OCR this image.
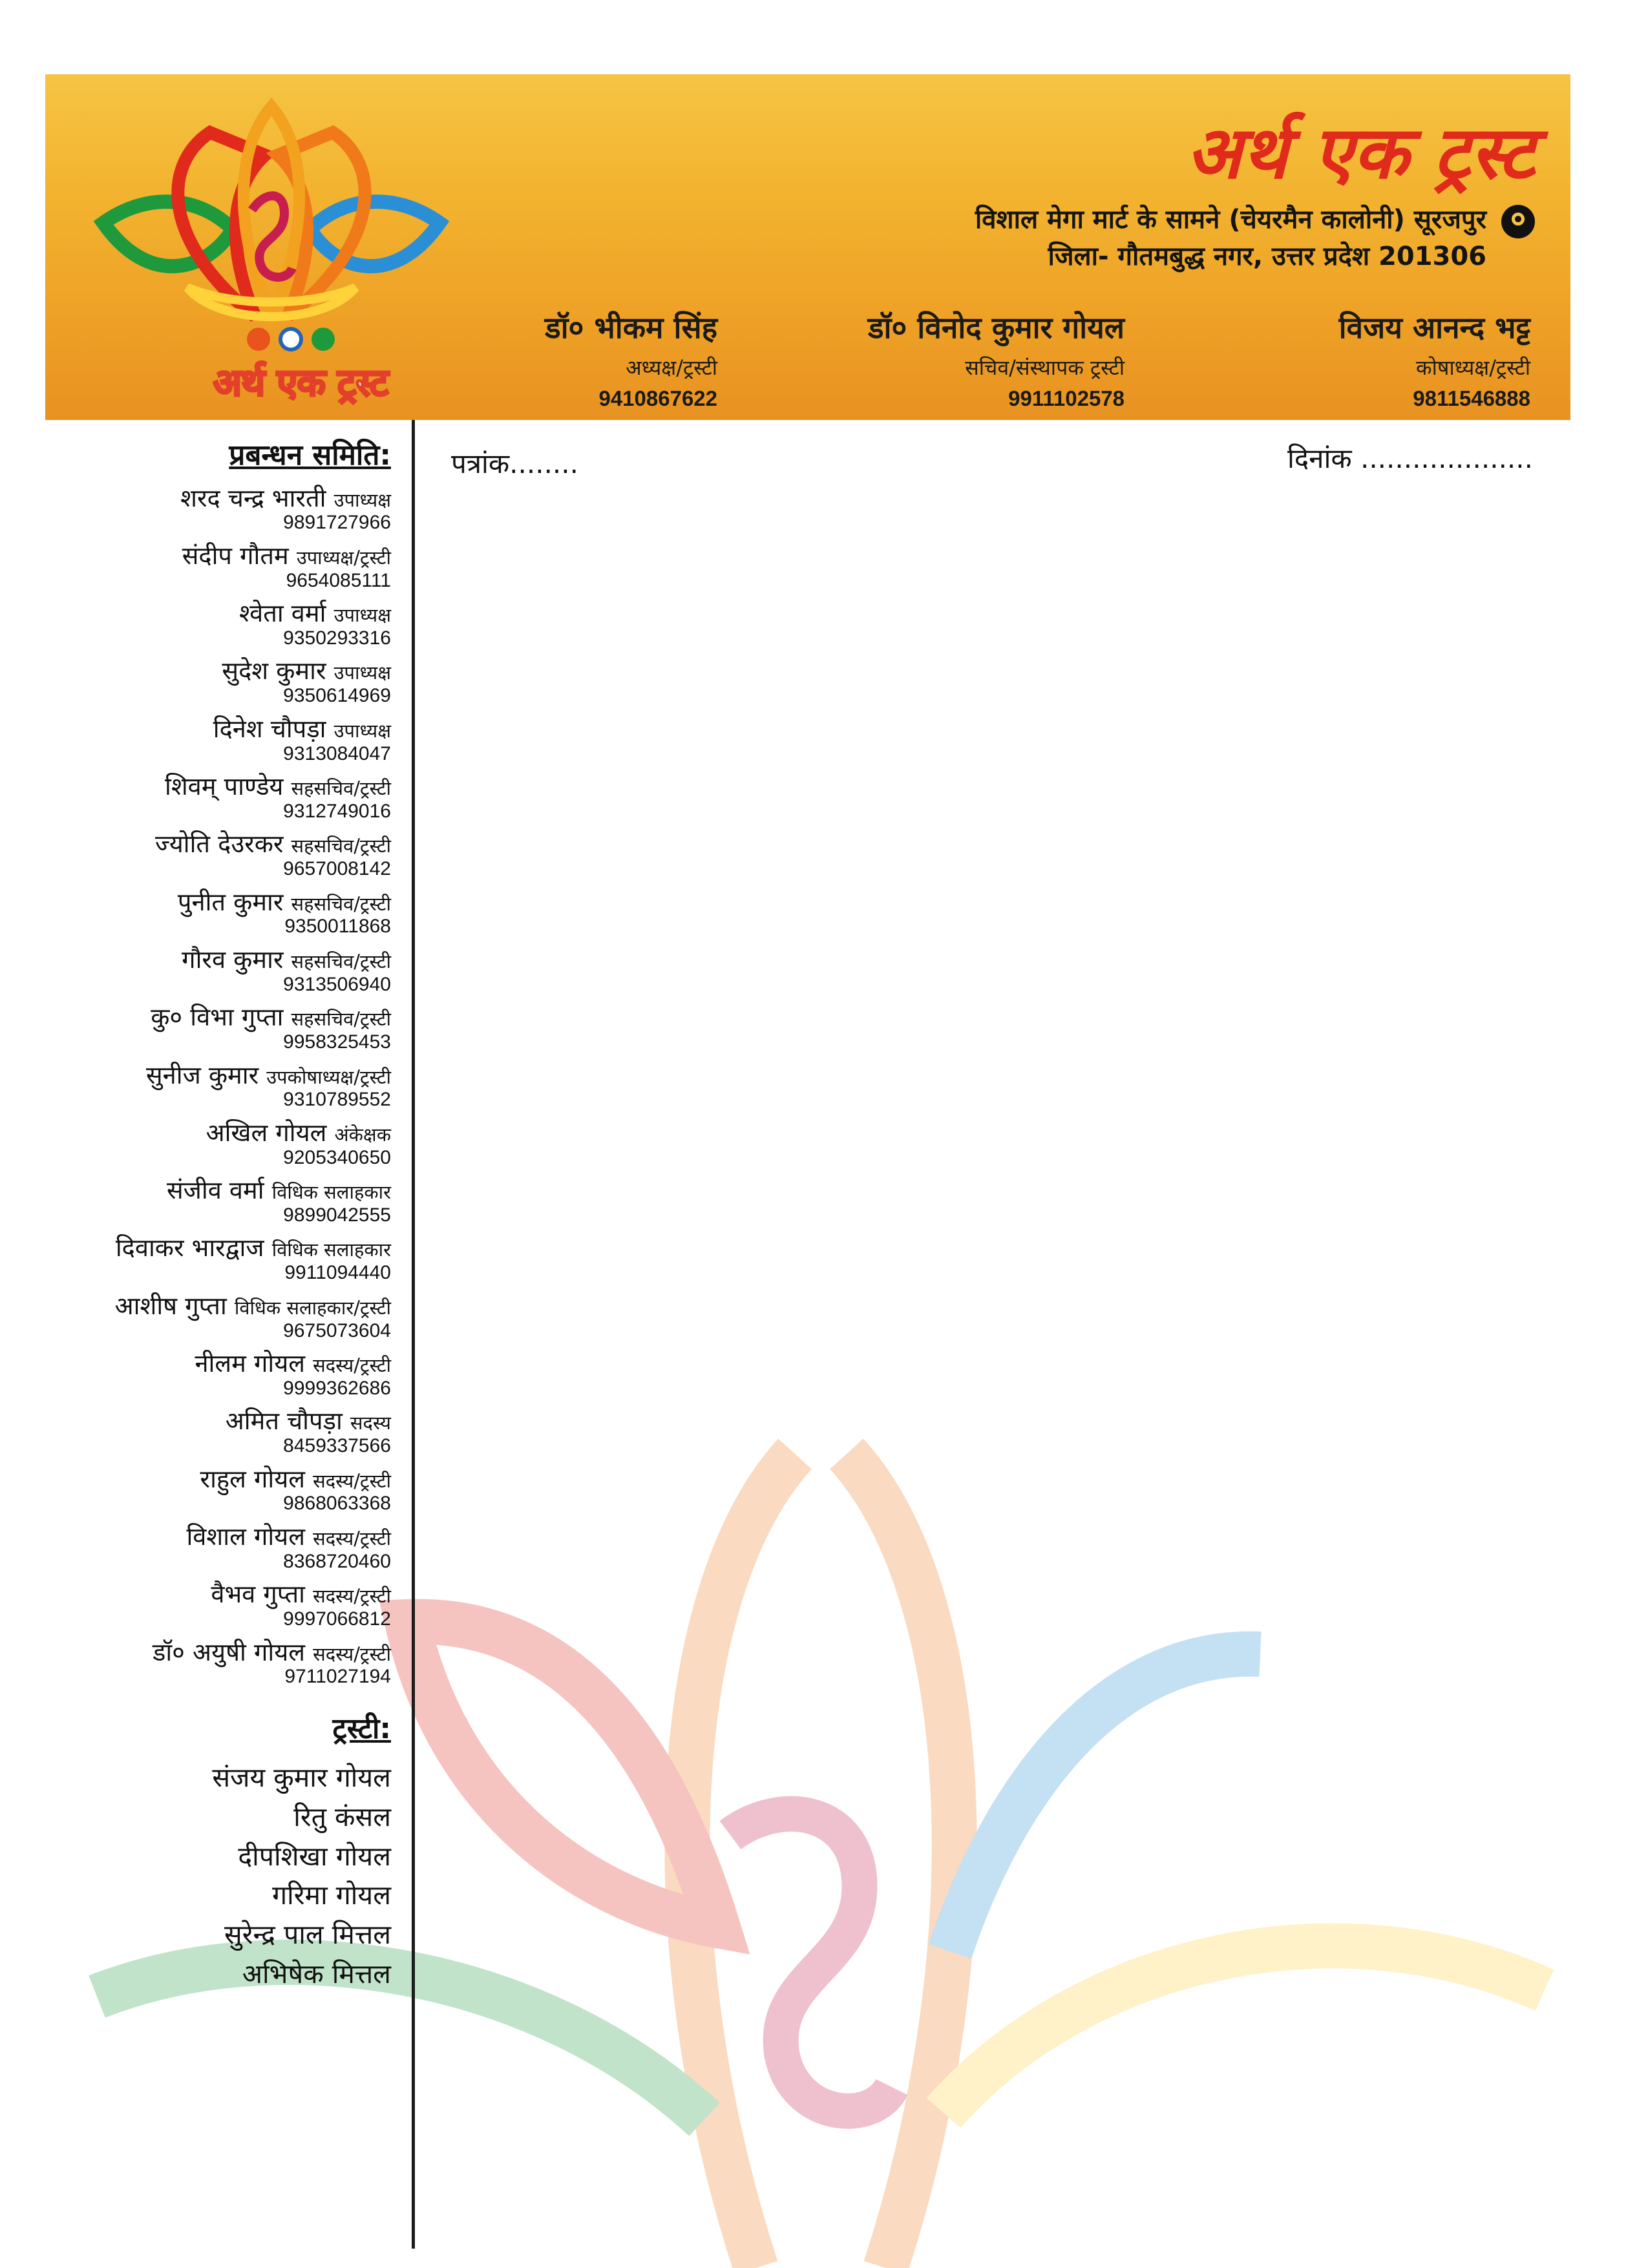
अर्थ एक ट्रस्ट
अर्थ एक ट्रस्ट
विशाल मेगा मार्ट के सामने (चेयरमैन कालोनी) सूरजपुर
जिला- गौतमबुद्ध नगर, उत्तर प्रदेश 201306
डॉ० भीकम सिंह
अध्यक्ष/ट्रस्टी
9410867622
डॉ० विनोद कुमार गोयल
सचिव/संस्थापक ट्रस्टी
9911102578
विजय आनन्द भट्ट
कोषाध्यक्ष/ट्रस्टी
9811546888
प्रबन्धन समिति:
शरद चन्द्र भारती उपाध्यक्ष
9891727966
संदीप गौतम उपाध्यक्ष/ट्रस्टी
9654085111
श्वेता वर्मा उपाध्यक्ष
9350293316
सुदेश कुमार उपाध्यक्ष
9350614969
दिनेश चौपड़ा उपाध्यक्ष
9313084047
शिवम् पाण्डेय सहसचिव/ट्रस्टी
9312749016
ज्योति देउरकर सहसचिव/ट्रस्टी
9657008142
पुनीत कुमार सहसचिव/ट्रस्टी
9350011868
गौरव कुमार सहसचिव/ट्रस्टी
9313506940
कु० विभा गुप्ता सहसचिव/ट्रस्टी
9958325453
सुनीज कुमार उपकोषाध्यक्ष/ट्रस्टी
9310789552
अखिल गोयल अंकेक्षक
9205340650
संजीव वर्मा विधिक सलाहकार
9899042555
दिवाकर भारद्वाज विधिक सलाहकार
9911094440
आशीष गुप्ता विधिक सलाहकार/ट्रस्टी
9675073604
नीलम गोयल सदस्य/ट्रस्टी
9999362686
अमित चौपड़ा सदस्य
8459337566
राहुल गोयल सदस्य/ट्रस्टी
9868063368
विशाल गोयल सदस्य/ट्रस्टी
8368720460
वैभव गुप्ता सदस्य/ट्रस्टी
9997066812
डॉ० अयुषी गोयल सदस्य/ट्रस्टी
9711027194
ट्रस्टी:
संजय कुमार गोयल
रितु कंसल
दीपशिखा गोयल
गरिमा गोयल
सुरेन्द्र पाल मित्तल
अभिषेक मित्तल
पत्रांक........	दिनांक ....................
